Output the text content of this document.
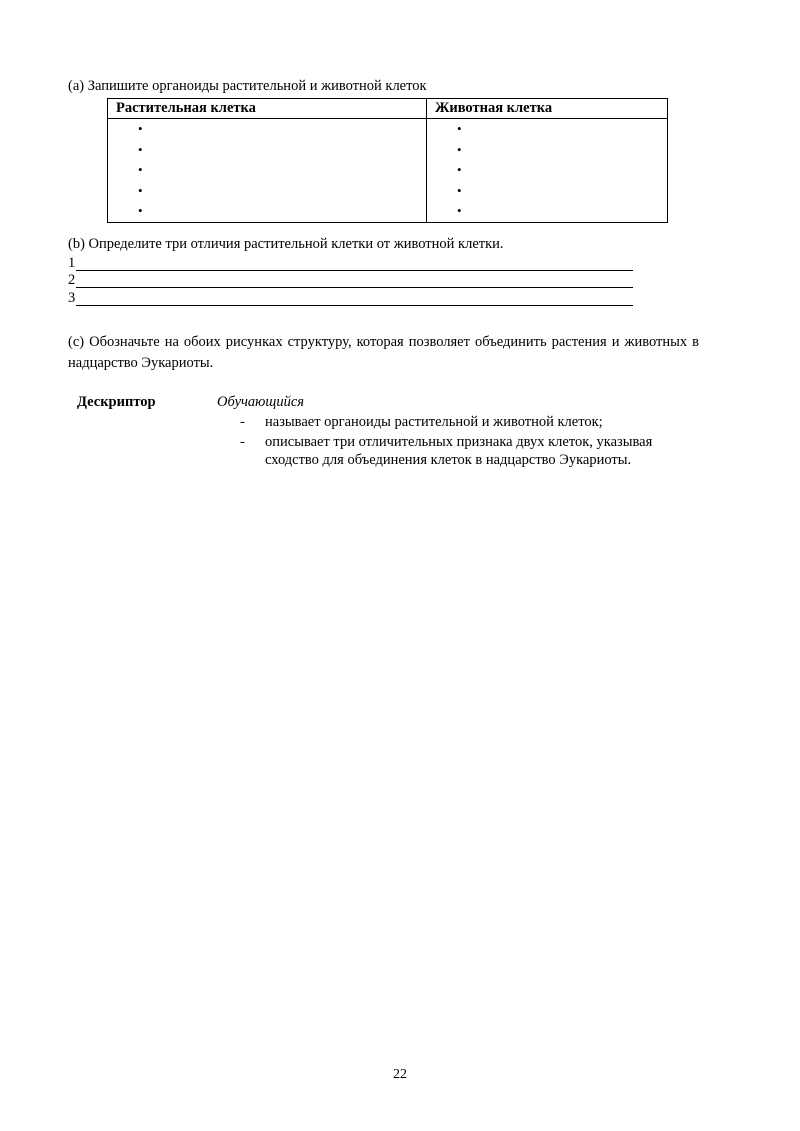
(а) Запишите органоиды растительной и животной клеток
Растительная клетка	Животная клетка
•	•
•	•
•	•
•	•
•	•
(b) Определите три отличия растительной клетки от животной клетки.
1
2
3
(c) Обозначьте на обоих рисунках структуру, которая позволяет объединить растения и животных в надцарство Эукариоты.
Дескриптор	Обучающийся
- называет органоиды растительной и животной клеток;
- описывает три отличительных признака двух клеток, указывая сходство для объединения клеток в надцарство Эукариоты.
22
